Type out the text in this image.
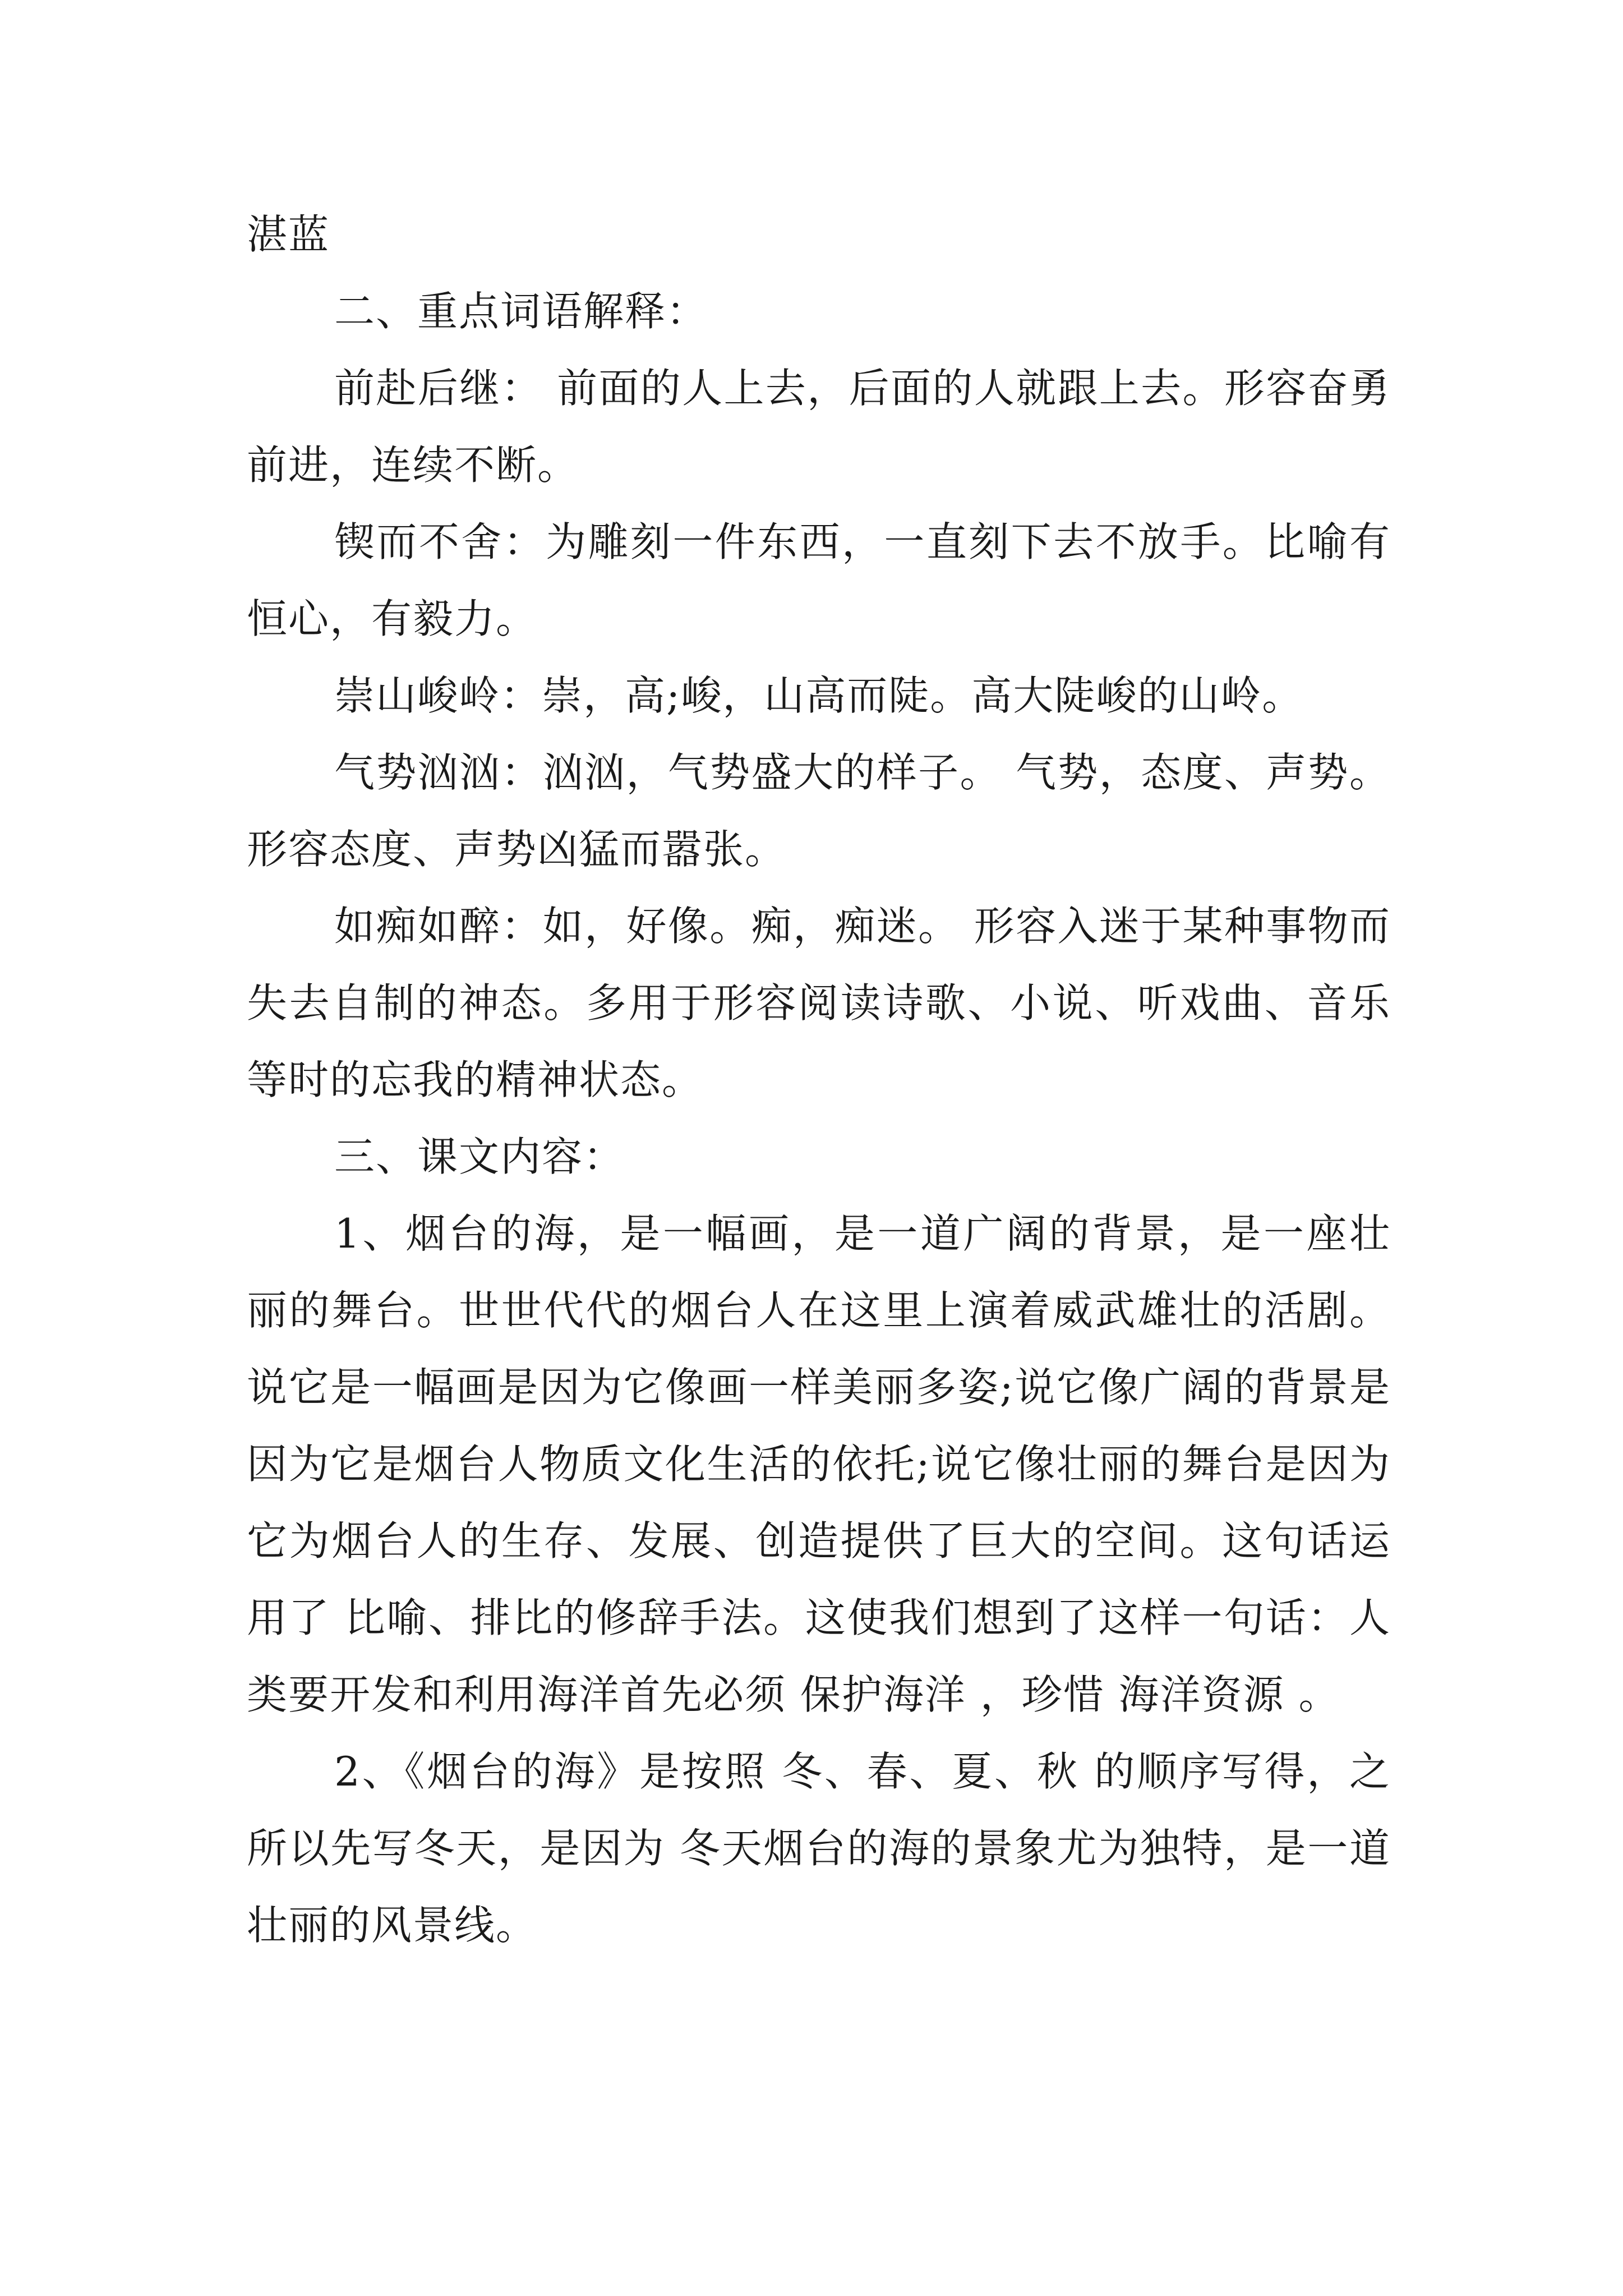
湛蓝

二、重点词语解释：

前赴后继： 前面的人上去，后面的人就跟上去。形容奋勇前进，连续不断。

锲而不舍：为雕刻一件东西，一直刻下去不放手。比喻有恒心，有毅力。

崇山峻岭：崇，高;峻，山高而陡。高大陡峻的山岭。

气势汹汹：汹汹，气势盛大的样子。 气势，态度、声势。形容态度、声势凶猛而嚣张。

如痴如醉：如，好像。痴，痴迷。 形容入迷于某种事物而失去自制的神态。多用于形容阅读诗歌、小说、听戏曲、音乐等时的忘我的精神状态。

三、课文内容：

1、烟台的海，是一幅画，是一道广阔的背景，是一座壮丽的舞台。世世代代的烟台人在这里上演着威武雄壮的活剧。说它是一幅画是因为它像画一样美丽多姿;说它像广阔的背景是因为它是烟台人物质文化生活的依托;说它像壮丽的舞台是因为它为烟台人的生存、发展、创造提供了巨大的空间。这句话运用了 比喻、排比的修辞手法。这使我们想到了这样一句话：人类要开发和利用海洋首先必须 保护海洋 ，珍惜 海洋资源 。

2、《烟台的海》是按照 冬、春、夏、秋 的顺序写得，之所以先写冬天，是因为 冬天烟台的海的景象尤为独特，是一道壮丽的风景线。
